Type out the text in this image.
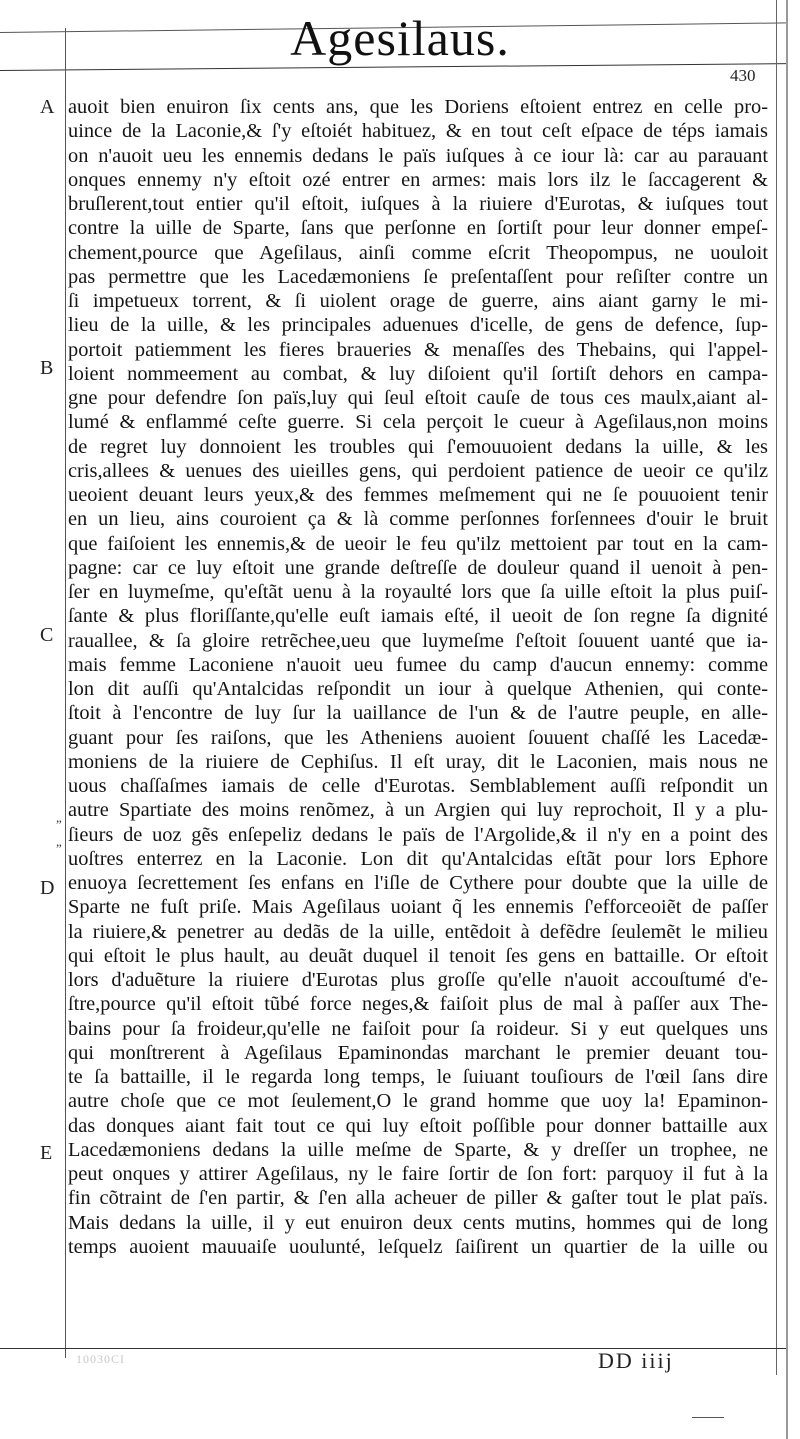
Agesilaus.
430
A
B
C
D
E
„
„
auoit bien enuiron ſix cents ans, que les Doriens eſtoient entrez en celle pro-
uince de la Laconie,& ſ'y eſtoiét habituez, & en tout ceſt eſpace de téps iamais
on n'auoit ueu les ennemis dedans le païs iuſques à ce iour là: car au parauant
onques ennemy n'y eſtoit ozé entrer en armes: mais lors ilz le ſaccagerent &
bruſlerent,tout entier qu'il eſtoit, iuſques à la riuiere d'Eurotas, & iuſques tout
contre la uille de Sparte, ſans que perſonne en ſortiſt pour leur donner empeſ-
chement,pource que Ageſilaus, ainſi comme eſcrit Theopompus, ne uouloit
pas permettre que les Lacedæmoniens ſe preſentaſſent pour reſiſter contre un
ſi impetueux torrent, & ſi uiolent orage de guerre, ains aiant garny le mi-
lieu de la uille, & les principales aduenues d'icelle, de gens de defence, ſup-
portoit patiemment les fieres braueries & menaſſes des Thebains, qui l'appel-
loient nommeement au combat, & luy diſoient qu'il ſortiſt dehors en campa-
gne pour defendre ſon païs,luy qui ſeul eſtoit cauſe de tous ces maulx,aiant al-
lumé & enflammé ceſte guerre. Si cela perçoit le cueur à Ageſilaus,non moins
de regret luy donnoient les troubles qui ſ'emouuoient dedans la uille, & les
cris,allees & uenues des uieilles gens, qui perdoient patience de ueoir ce qu'ilz
ueoient deuant leurs yeux,& des femmes meſmement qui ne ſe pouuoient tenir
en un lieu, ains couroient ça & là comme perſonnes forſennees d'ouir le bruit
que faiſoient les ennemis,& de ueoir le feu qu'ilz mettoient par tout en la cam-
pagne: car ce luy eſtoit une grande deſtreſſe de douleur quand il uenoit à pen-
ſer en luymeſme, qu'eſtãt uenu à la royaulté lors que ſa uille eſtoit la plus puiſ-
ſante & plus floriſſante,qu'elle euſt iamais eſté, il ueoit de ſon regne ſa dignité
rauallee, & ſa gloire retrẽchee,ueu que luymeſme ſ'eſtoit ſouuent uanté que ia-
mais femme Laconiene n'auoit ueu fumee du camp d'aucun ennemy: comme
lon dit auſſi qu'Antalcidas reſpondit un iour à quelque Athenien, qui conte-
ſtoit à l'encontre de luy ſur la uaillance de l'un & de l'autre peuple, en alle-
guant pour ſes raiſons, que les Atheniens auoient ſouuent chaſſé les Lacedæ-
moniens de la riuiere de Cephiſus. Il eſt uray, dit le Laconien, mais nous ne
uous chaſſaſmes iamais de celle d'Eurotas. Semblablement auſſi reſpondit un
autre Spartiate des moins renõmez, à un Argien qui luy reprochoit, Il y a plu-
ſieurs de uoz gẽs enſepeliz dedans le païs de l'Argolide,& il n'y en a point des
uoſtres enterrez en la Laconie. Lon dit qu'Antalcidas eſtãt pour lors Ephore
enuoya ſecrettement ſes enfans en l'iſle de Cythere pour doubte que la uille de
Sparte ne fuſt priſe. Mais Ageſilaus uoiant q̃ les ennemis ſ'efforceoiẽt de paſſer
la riuiere,& penetrer au dedãs de la uille, entẽdoit à defẽdre ſeulemẽt le milieu
qui eſtoit le plus hault, au deuãt duquel il tenoit ſes gens en battaille. Or eſtoit
lors d'aduẽture la riuiere d'Eurotas plus groſſe qu'elle n'auoit accouſtumé d'e-
ſtre,pource qu'il eſtoit tũbé force neges,& faiſoit plus de mal à paſſer aux The-
bains pour ſa froideur,qu'elle ne faiſoit pour ſa roideur. Si y eut quelques uns
qui monſtrerent à Ageſilaus Epaminondas marchant le premier deuant tou-
te ſa battaille, il le regarda long temps, le ſuiuant touſiours de l'œil ſans dire
autre choſe que ce mot ſeulement,O le grand homme que uoy la! Epaminon-
das donques aiant fait tout ce qui luy eſtoit poſſible pour donner battaille aux
Lacedæmoniens dedans la uille meſme de Sparte, & y dreſſer un trophee, ne
peut onques y attirer Ageſilaus, ny le faire ſortir de ſon fort: parquoy il fut à la
fin cõtraint de ſ'en partir, & ſ'en alla acheuer de piller & gaſter tout le plat païs.
Mais dedans la uille, il y eut enuiron deux cents mutins, hommes qui de long
temps auoient mauuaiſe uoulunté, leſquelz ſaiſirent un quartier de la uille ou
10030CI	DD iiij
